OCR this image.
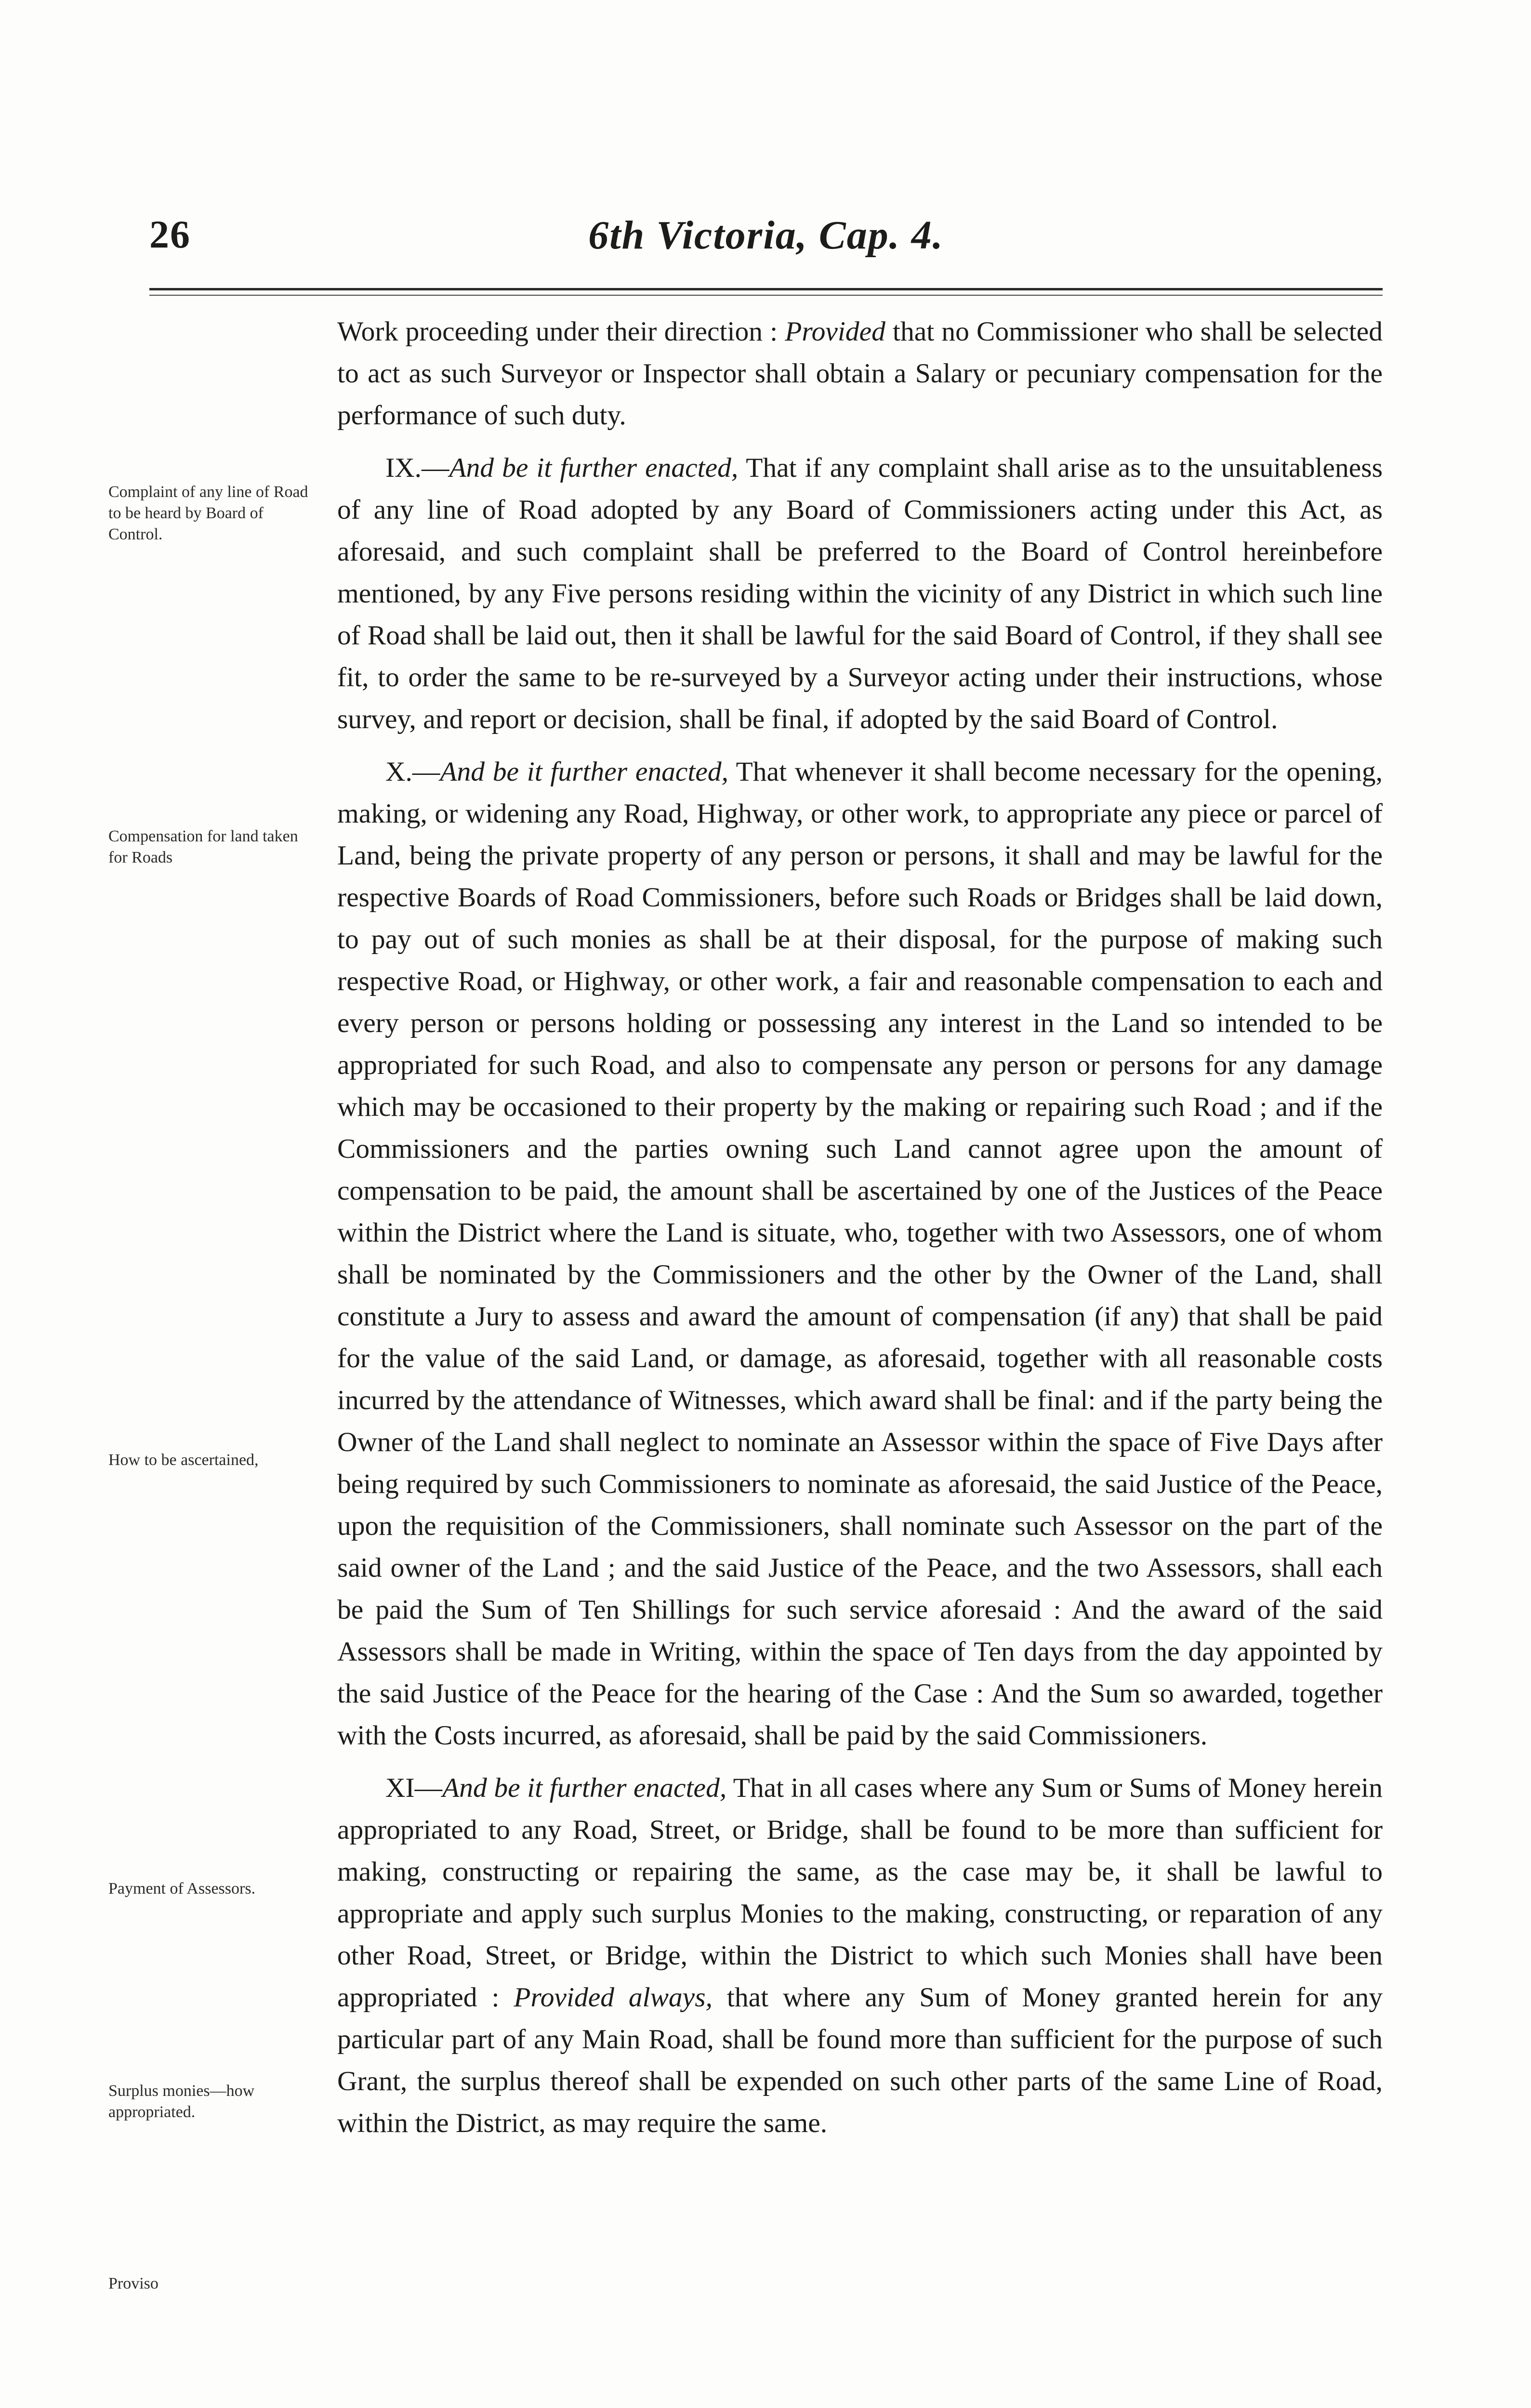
26	6th Victoria, Cap. 4.
Complaint of any line of Road to be heard by Board of Control.
Compensation for land taken for Roads
How to be ascertained,
Payment of Assessors.
Surplus monies—how appropriated.
Proviso

Work proceeding under their direction : Provided that no Commissioner who shall be selected to act as such Surveyor or Inspector shall obtain a Salary or pecuniary compensation for the performance of such duty.

IX.—And be it further enacted, That if any complaint shall arise as to the unsuitableness of any line of Road adopted by any Board of Commissioners acting under this Act, as aforesaid, and such complaint shall be preferred to the Board of Control hereinbefore mentioned, by any Five persons residing within the vicinity of any District in which such line of Road shall be laid out, then it shall be lawful for the said Board of Control, if they shall see fit, to order the same to be re-surveyed by a Surveyor acting under their instructions, whose survey, and report or decision, shall be final, if adopted by the said Board of Control.

X.—And be it further enacted, That whenever it shall become necessary for the opening, making, or widening any Road, Highway, or other work, to appropriate any piece or parcel of Land, being the private property of any person or persons, it shall and may be lawful for the respective Boards of Road Commissioners, before such Roads or Bridges shall be laid down, to pay out of such monies as shall be at their disposal, for the purpose of making such respective Road, or Highway, or other work, a fair and reasonable compensation to each and every person or persons holding or possessing any interest in the Land so intended to be appropriated for such Road, and also to compensate any person or persons for any damage which may be occasioned to their property by the making or repairing such Road ; and if the Commissioners and the parties owning such Land cannot agree upon the amount of compensation to be paid, the amount shall be ascertained by one of the Justices of the Peace within the District where the Land is situate, who, together with two Assessors, one of whom shall be nominated by the Commissioners and the other by the Owner of the Land, shall constitute a Jury to assess and award the amount of compensation (if any) that shall be paid for the value of the said Land, or damage, as aforesaid, together with all reasonable costs incurred by the attendance of Witnesses, which award shall be final: and if the party being the Owner of the Land shall neglect to nominate an Assessor within the space of Five Days after being required by such Commissioners to nominate as aforesaid, the said Justice of the Peace, upon the requisition of the Commissioners, shall nominate such Assessor on the part of the said owner of the Land ; and the said Justice of the Peace, and the two Assessors, shall each be paid the Sum of Ten Shillings for such service aforesaid : And the award of the said Assessors shall be made in Writing, within the space of Ten days from the day appointed by the said Justice of the Peace for the hearing of the Case : And the Sum so awarded, together with the Costs incurred, as aforesaid, shall be paid by the said Commissioners.

XI—And be it further enacted, That in all cases where any Sum or Sums of Money herein appropriated to any Road, Street, or Bridge, shall be found to be more than sufficient for making, constructing or repairing the same, as the case may be, it shall be lawful to appropriate and apply such surplus Monies to the making, constructing, or reparation of any other Road, Street, or Bridge, within the District to which such Monies shall have been appropriated : Provided always, that where any Sum of Money granted herein for any particular part of any Main Road, shall be found more than sufficient for the purpose of such Grant, the surplus thereof shall be expended on such other parts of the same Line of Road, within the District, as may require the same.
